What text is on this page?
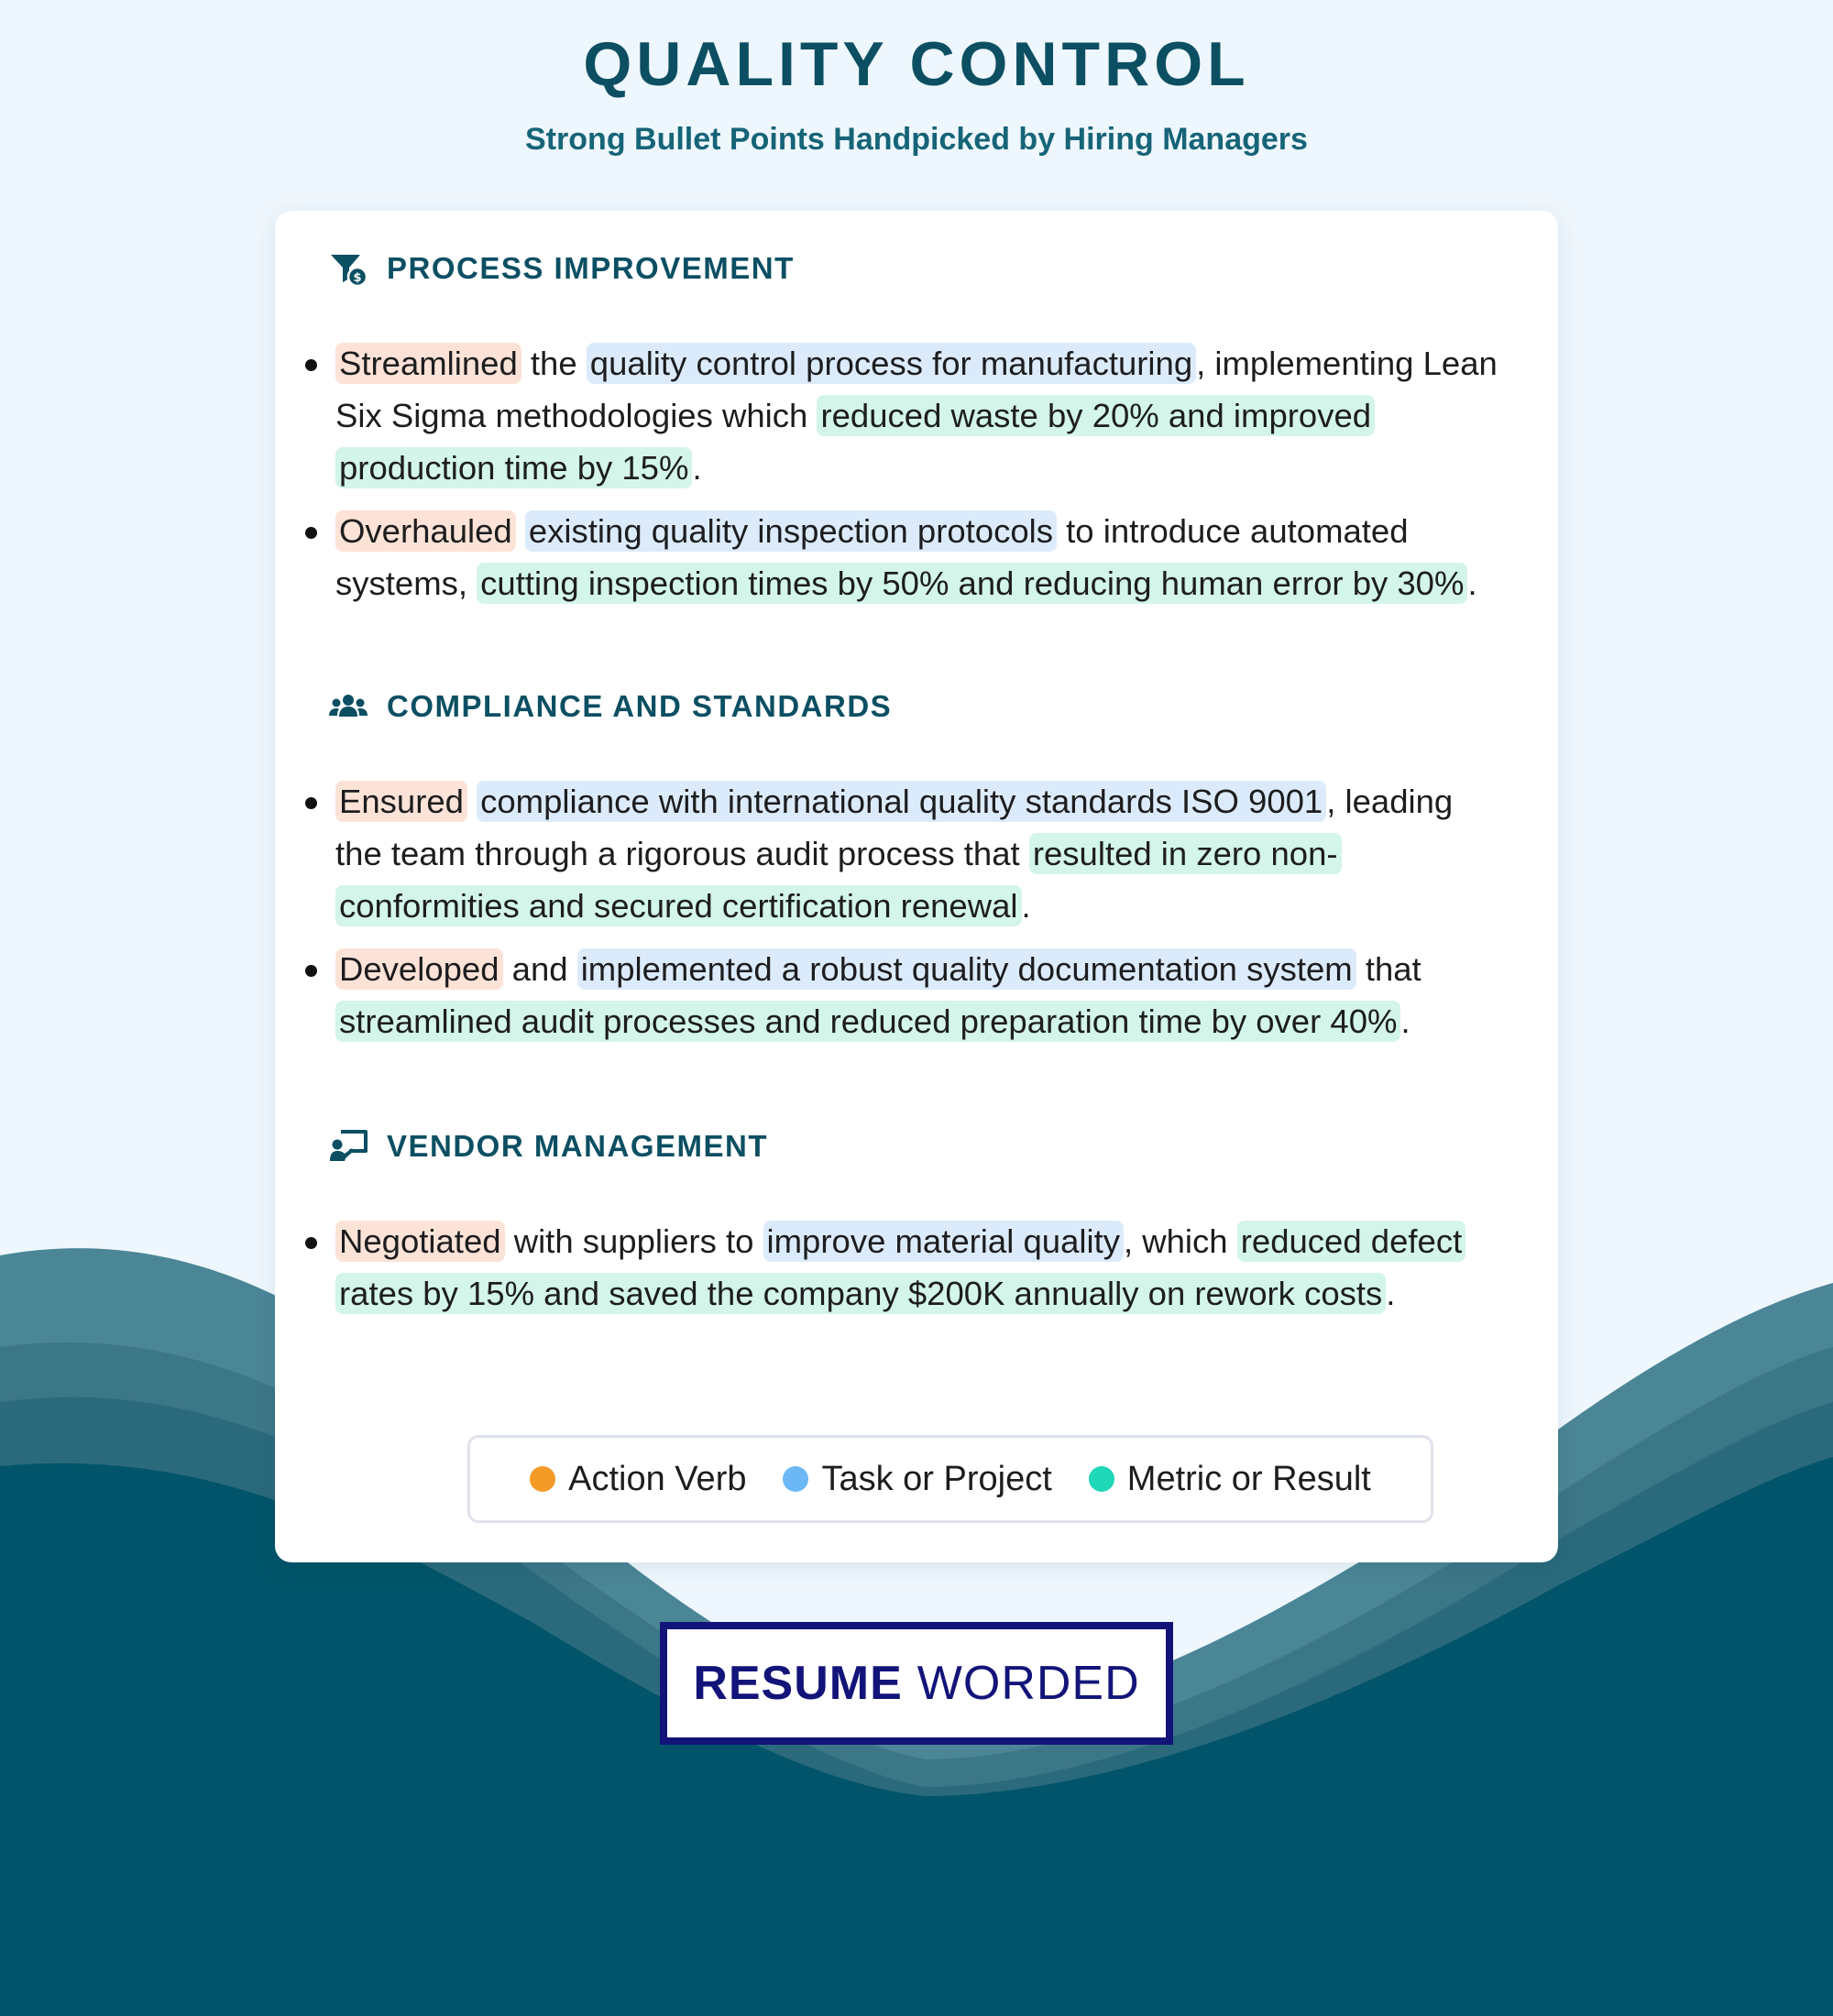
QUALITY CONTROL
Strong Bullet Points Handpicked by Hiring Managers
$ PROCESS IMPROVEMENT
Streamlined the quality control process for manufacturing , implementing Lean Six Sigma methodologies which reduced waste by 20% and improved production time by 15% .
Overhauled existing quality inspection protocols to introduce automated systems, cutting inspection times by 50% and reducing human error by 30% .
COMPLIANCE AND STANDARDS
Ensured compliance with international quality standards ISO 9001 , leading the team through a rigorous audit process that resulted in zero non-conformities and secured certification renewal .
Developed and implemented a robust quality documentation system that streamlined audit processes and reduced preparation time by over 40% .
VENDOR MANAGEMENT
Negotiated with suppliers to improve material quality , which reduced defect rates by 15% and saved the company $200K annually on rework costs .
Action Verb Task or Project Metric or Result
RESUME WORDED
